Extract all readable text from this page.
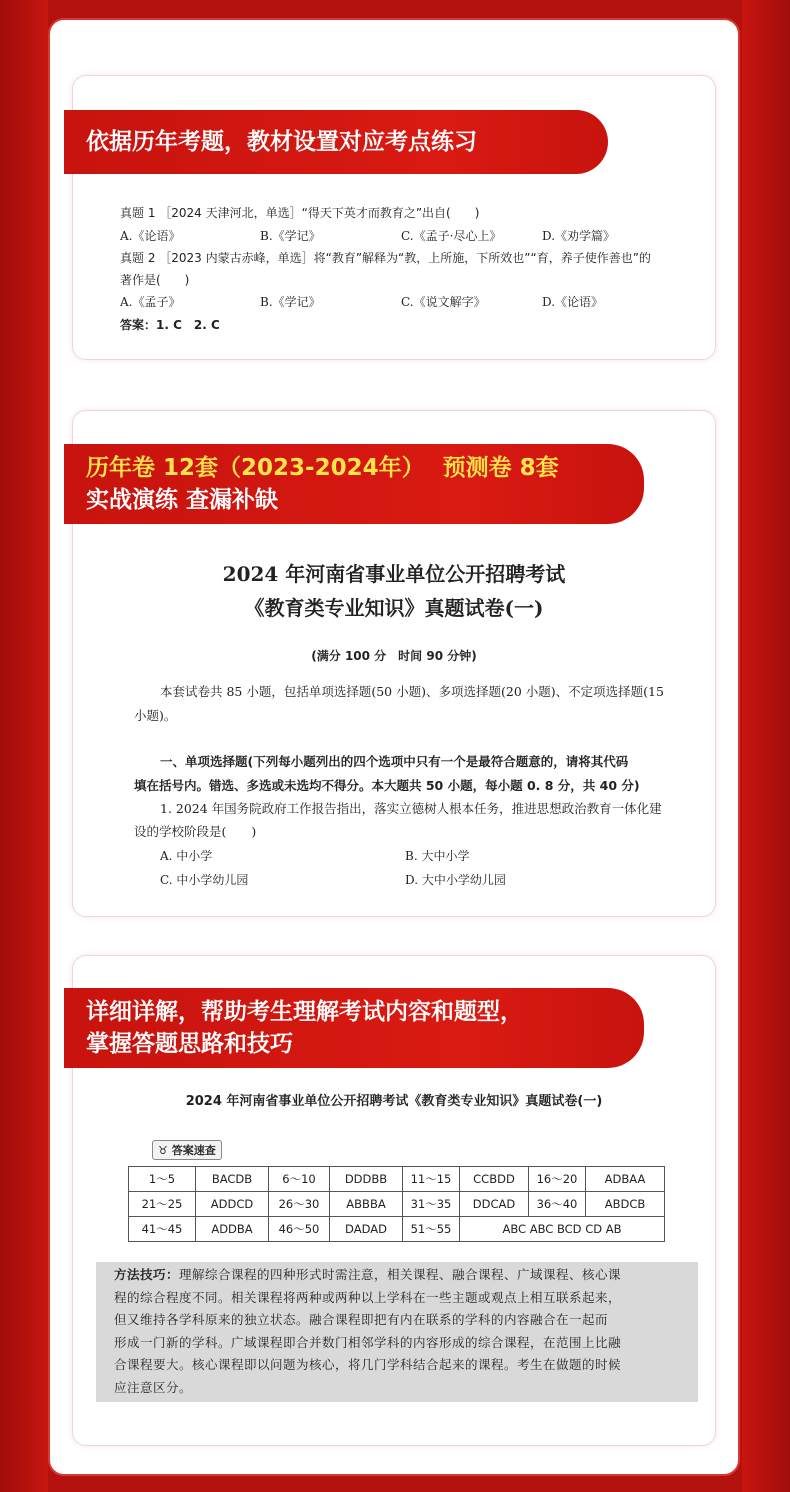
依据历年考题，教材设置对应考点练习
真题 1 ［2024 天津河北，单选］“得天下英才而教育之”出自(　　)
A.《论语》	B.《学记》	C.《孟子·尽心上》	D.《劝学篇》
真题 2 ［2023 内蒙古赤峰，单选］将“教育”解释为“教，上所施，下所效也”“育，养子使作善也”的
著作是(　　)
A.《孟子》	B.《学记》	C.《说文解字》	D.《论语》
答案：1. C　2. C
历年卷 12套（2023-2024年） 预测卷 8套
实战演练 查漏补缺
2024 年河南省事业单位公开招聘考试
《教育类专业知识》真题试卷(一)
(满分 100 分　时间 90 分钟)
本套试卷共 85 小题，包括单项选择题(50 小题)、多项选择题(20 小题)、不定项选择题(15
小题)。
一、单项选择题(下列每小题列出的四个选项中只有一个是最符合题意的，请将其代码
填在括号内。错选、多选或未选均不得分。本大题共 50 小题，每小题 0. 8 分，共 40 分)
1. 2024 年国务院政府工作报告指出，落实立德树人根本任务，推进思想政治教育一体化建
设的学校阶段是(　　)
A. 中小学	B. 大中小学
C. 中小学幼儿园	D. 大中小学幼儿园
详细详解，帮助考生理解考试内容和题型，
掌握答题思路和技巧
2024 年河南省事业单位公开招聘考试《教育类专业知识》真题试卷(一)
♉ 答案速查
1～5	BACDB	6～10	DDDBB	11～15	CCBDD	16～20	ADBAA
21～25	ADDCD	26～30	ABBBA	31～35	DDCAD	36～40	ABDCB
41～45	ADDBA	46～50	DADAD	51～55	ABC ABC BCD CD AB		
方法技巧：理解综合课程的四种形式时需注意，相关课程、融合课程、广域课程、核心课
程的综合程度不同。相关课程将两种或两种以上学科在一些主题或观点上相互联系起来，
但又维持各学科原来的独立状态。融合课程即把有内在联系的学科的内容融合在一起而
形成一门新的学科。广域课程即合并数门相邻学科的内容形成的综合课程，在范围上比融
合课程要大。核心课程即以问题为核心，将几门学科结合起来的课程。考生在做题的时候
应注意区分。
